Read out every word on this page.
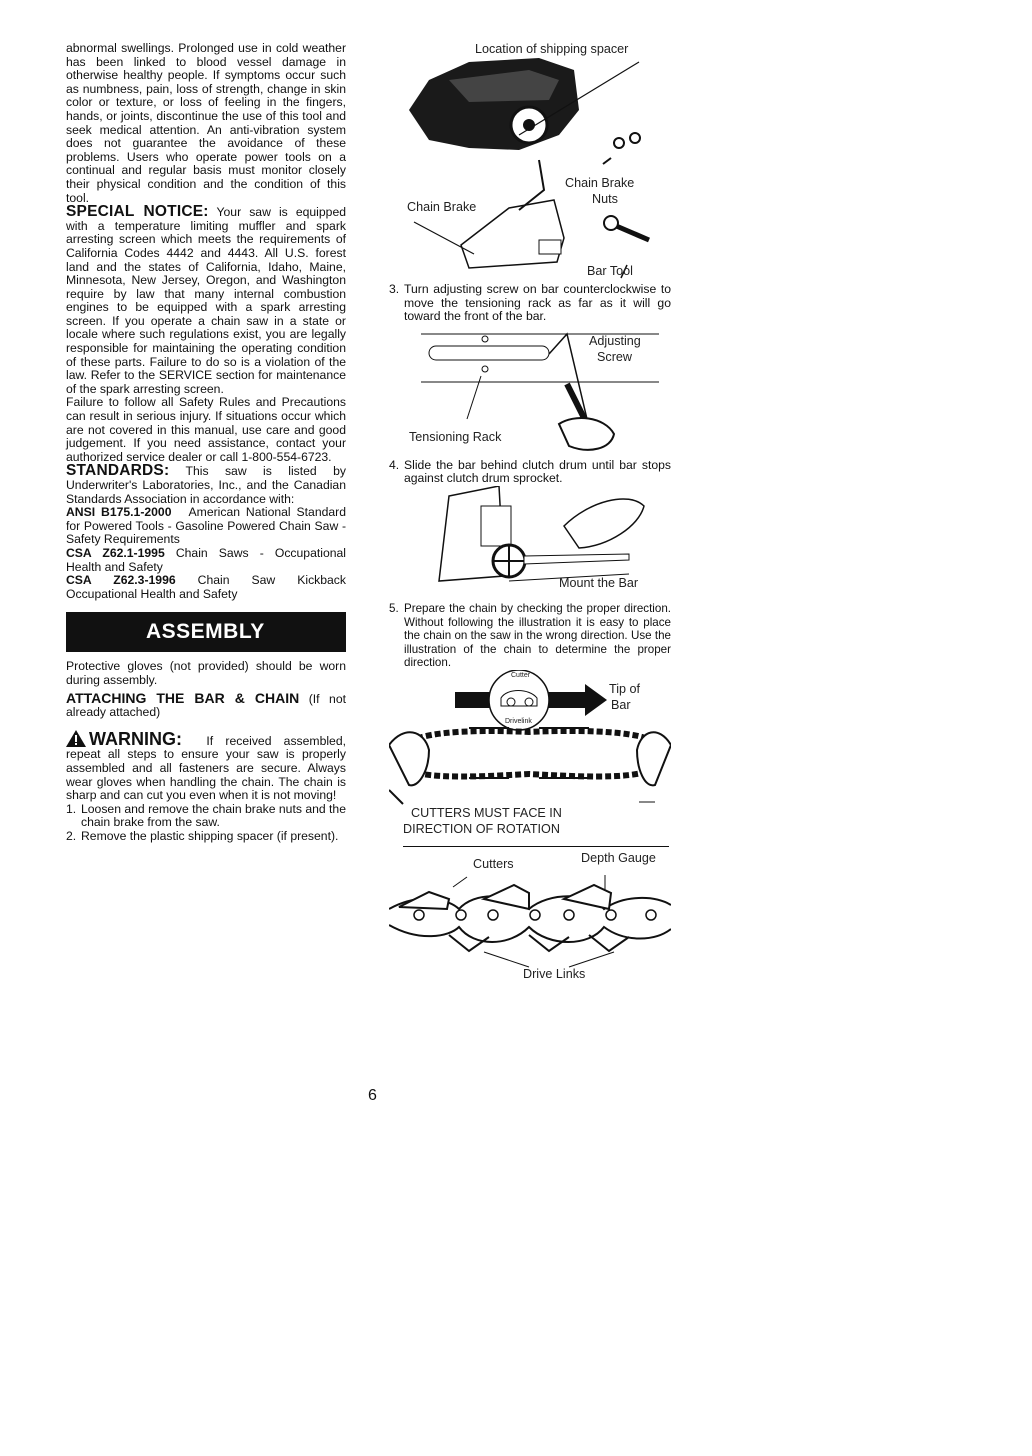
abnormal swellings. Prolonged use in cold weather has been linked to blood vessel damage in otherwise healthy people. If symptoms occur such as numbness, pain, loss of strength, change in skin color or texture, or loss of feeling in the fingers, hands, or joints, discontinue the use of this tool and seek medical attention. An anti-vibration system does not guarantee the avoidance of these problems. Users who operate power tools on a continual and regular basis must monitor closely their physical condition and the condition of this tool.

SPECIAL NOTICE: Your saw is equipped with a temperature limiting muffler and spark arresting screen which meets the requirements of California Codes 4442 and 4443. All U.S. forest land and the states of California, Idaho, Maine, Minnesota, New Jersey, Oregon, and Washington require by law that many internal combustion engines to be equipped with a spark arresting screen. If you operate a chain saw in a state or locale where such regulations exist, you are legally responsible for maintaining the operating condition of these parts. Failure to do so is a violation of the law. Refer to the SERVICE section for maintenance of the spark arresting screen.

Failure to follow all Safety Rules and Precautions can result in serious injury. If situations occur which are not covered in this manual, use care and good judgement. If you need assistance, contact your authorized service dealer or call 1-800-554-6723.

STANDARDS: This saw is listed by Underwriter's Laboratories, Inc., and the Canadian Standards Association in accordance with:

ANSI B175.1-2000 American National Standard for Powered Tools - Gasoline Powered Chain Saw - Safety Requirements

CSA Z62.1-1995 Chain Saws - Occupational Health and Safety

CSA Z62.3-1996 Chain Saw Kickback Occupational Health and Safety

ASSEMBLY

Protective gloves (not provided) should be worn during assembly.

ATTACHING THE BAR & CHAIN (If not already attached)

WARNING: If received assembled, repeat all steps to ensure your saw is properly assembled and all fasteners are secure. Always wear gloves when handling the chain. The chain is sharp and can cut you even when it is not moving!

1. Loosen and remove the chain brake nuts and the chain brake from the saw.
2. Remove the plastic shipping spacer (if present).
Location of shipping spacer
Chain Brake
Nuts
Chain Brake
Bar Tool
3. Turn adjusting screw on bar counterclockwise to move the tensioning rack as far as it will go toward the front of the bar.
Adjusting
Screw
Tensioning Rack
4. Slide the bar behind clutch drum until bar stops against clutch drum sprocket.
Mount the Bar
5. Prepare the chain by checking the proper direction. Without following the illustration it is easy to place the chain on the saw in the wrong direction. Use the illustration of the chain to determine the proper direction.
Cutter
Drivelink
Tip of
Bar
CUTTERS MUST FACE IN
DIRECTION OF ROTATION
Cutters	Depth Gauge
Drive Links
6
